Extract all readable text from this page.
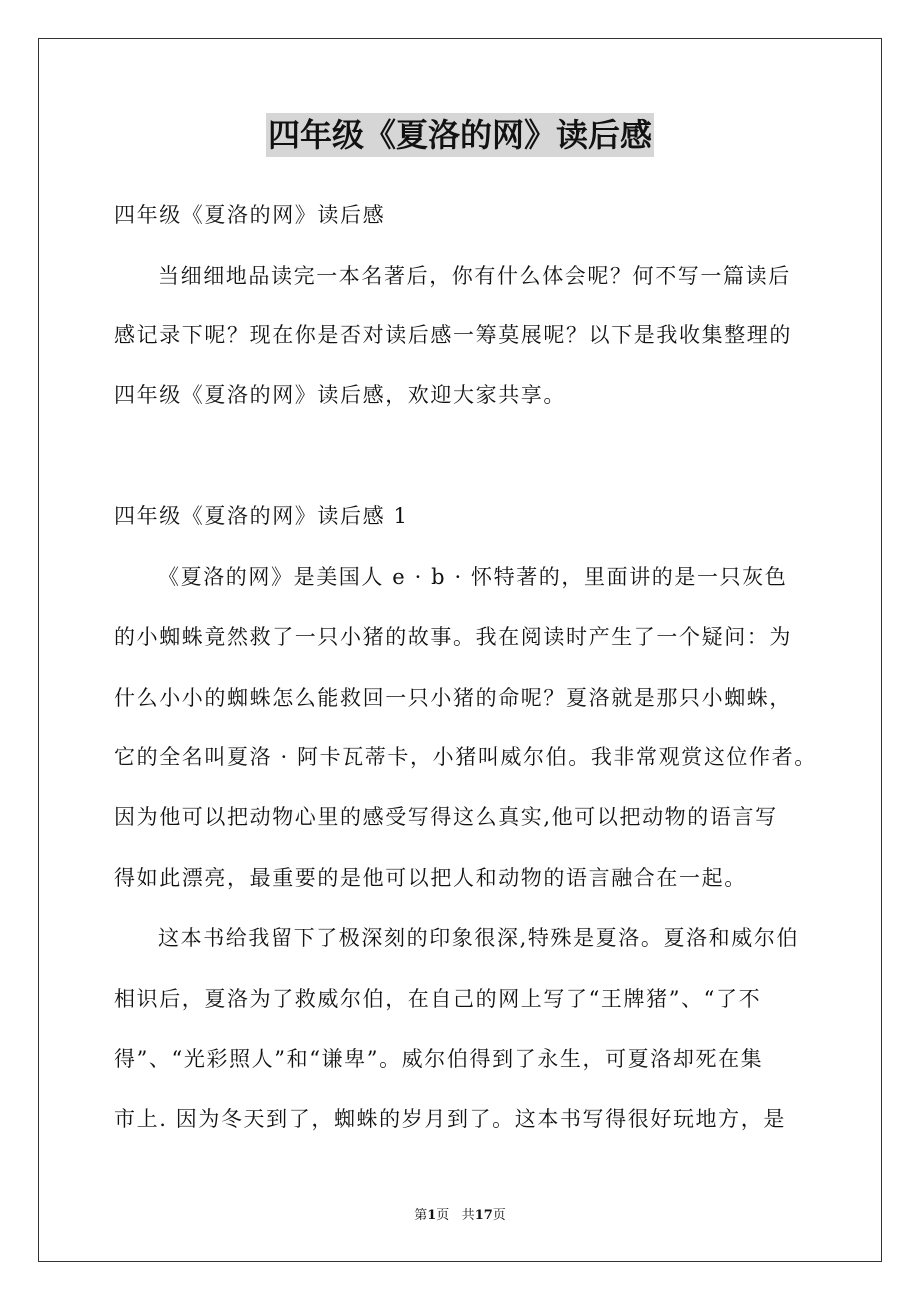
四年级《夏洛的网》读后感
四年级《夏洛的网》读后感
当细细地品读完一本名著后，你有什么体会呢？何不写一篇读后
感记录下呢？现在你是否对读后感一筹莫展呢？以下是我收集整理的
四年级《夏洛的网》读后感，欢迎大家共享。
四年级《夏洛的网》读后感 1
《夏洛的网》是美国人 e · b · 怀特著的，里面讲的是一只灰色
的小蜘蛛竟然救了一只小猪的故事。我在阅读时产生了一个疑问：为
什么小小的蜘蛛怎么能救回一只小猪的命呢？夏洛就是那只小蜘蛛，
它的全名叫夏洛 · 阿卡瓦蒂卡，小猪叫威尔伯。我非常观赏这位作者。
因为他可以把动物心里的感受写得这么真实,他可以把动物的语言写
得如此漂亮，最重要的是他可以把人和动物的语言融合在一起。
这本书给我留下了极深刻的印象很深,特殊是夏洛。夏洛和威尔伯
相识后，夏洛为了救威尔伯，在自己的网上写了“王牌猪”、“了不
得”、“光彩照人”和“谦卑”。威尔伯得到了永生，可夏洛却死在集
市上. 因为冬天到了，蜘蛛的岁月到了。这本书写得很好玩地方，是
第1页 共17页
